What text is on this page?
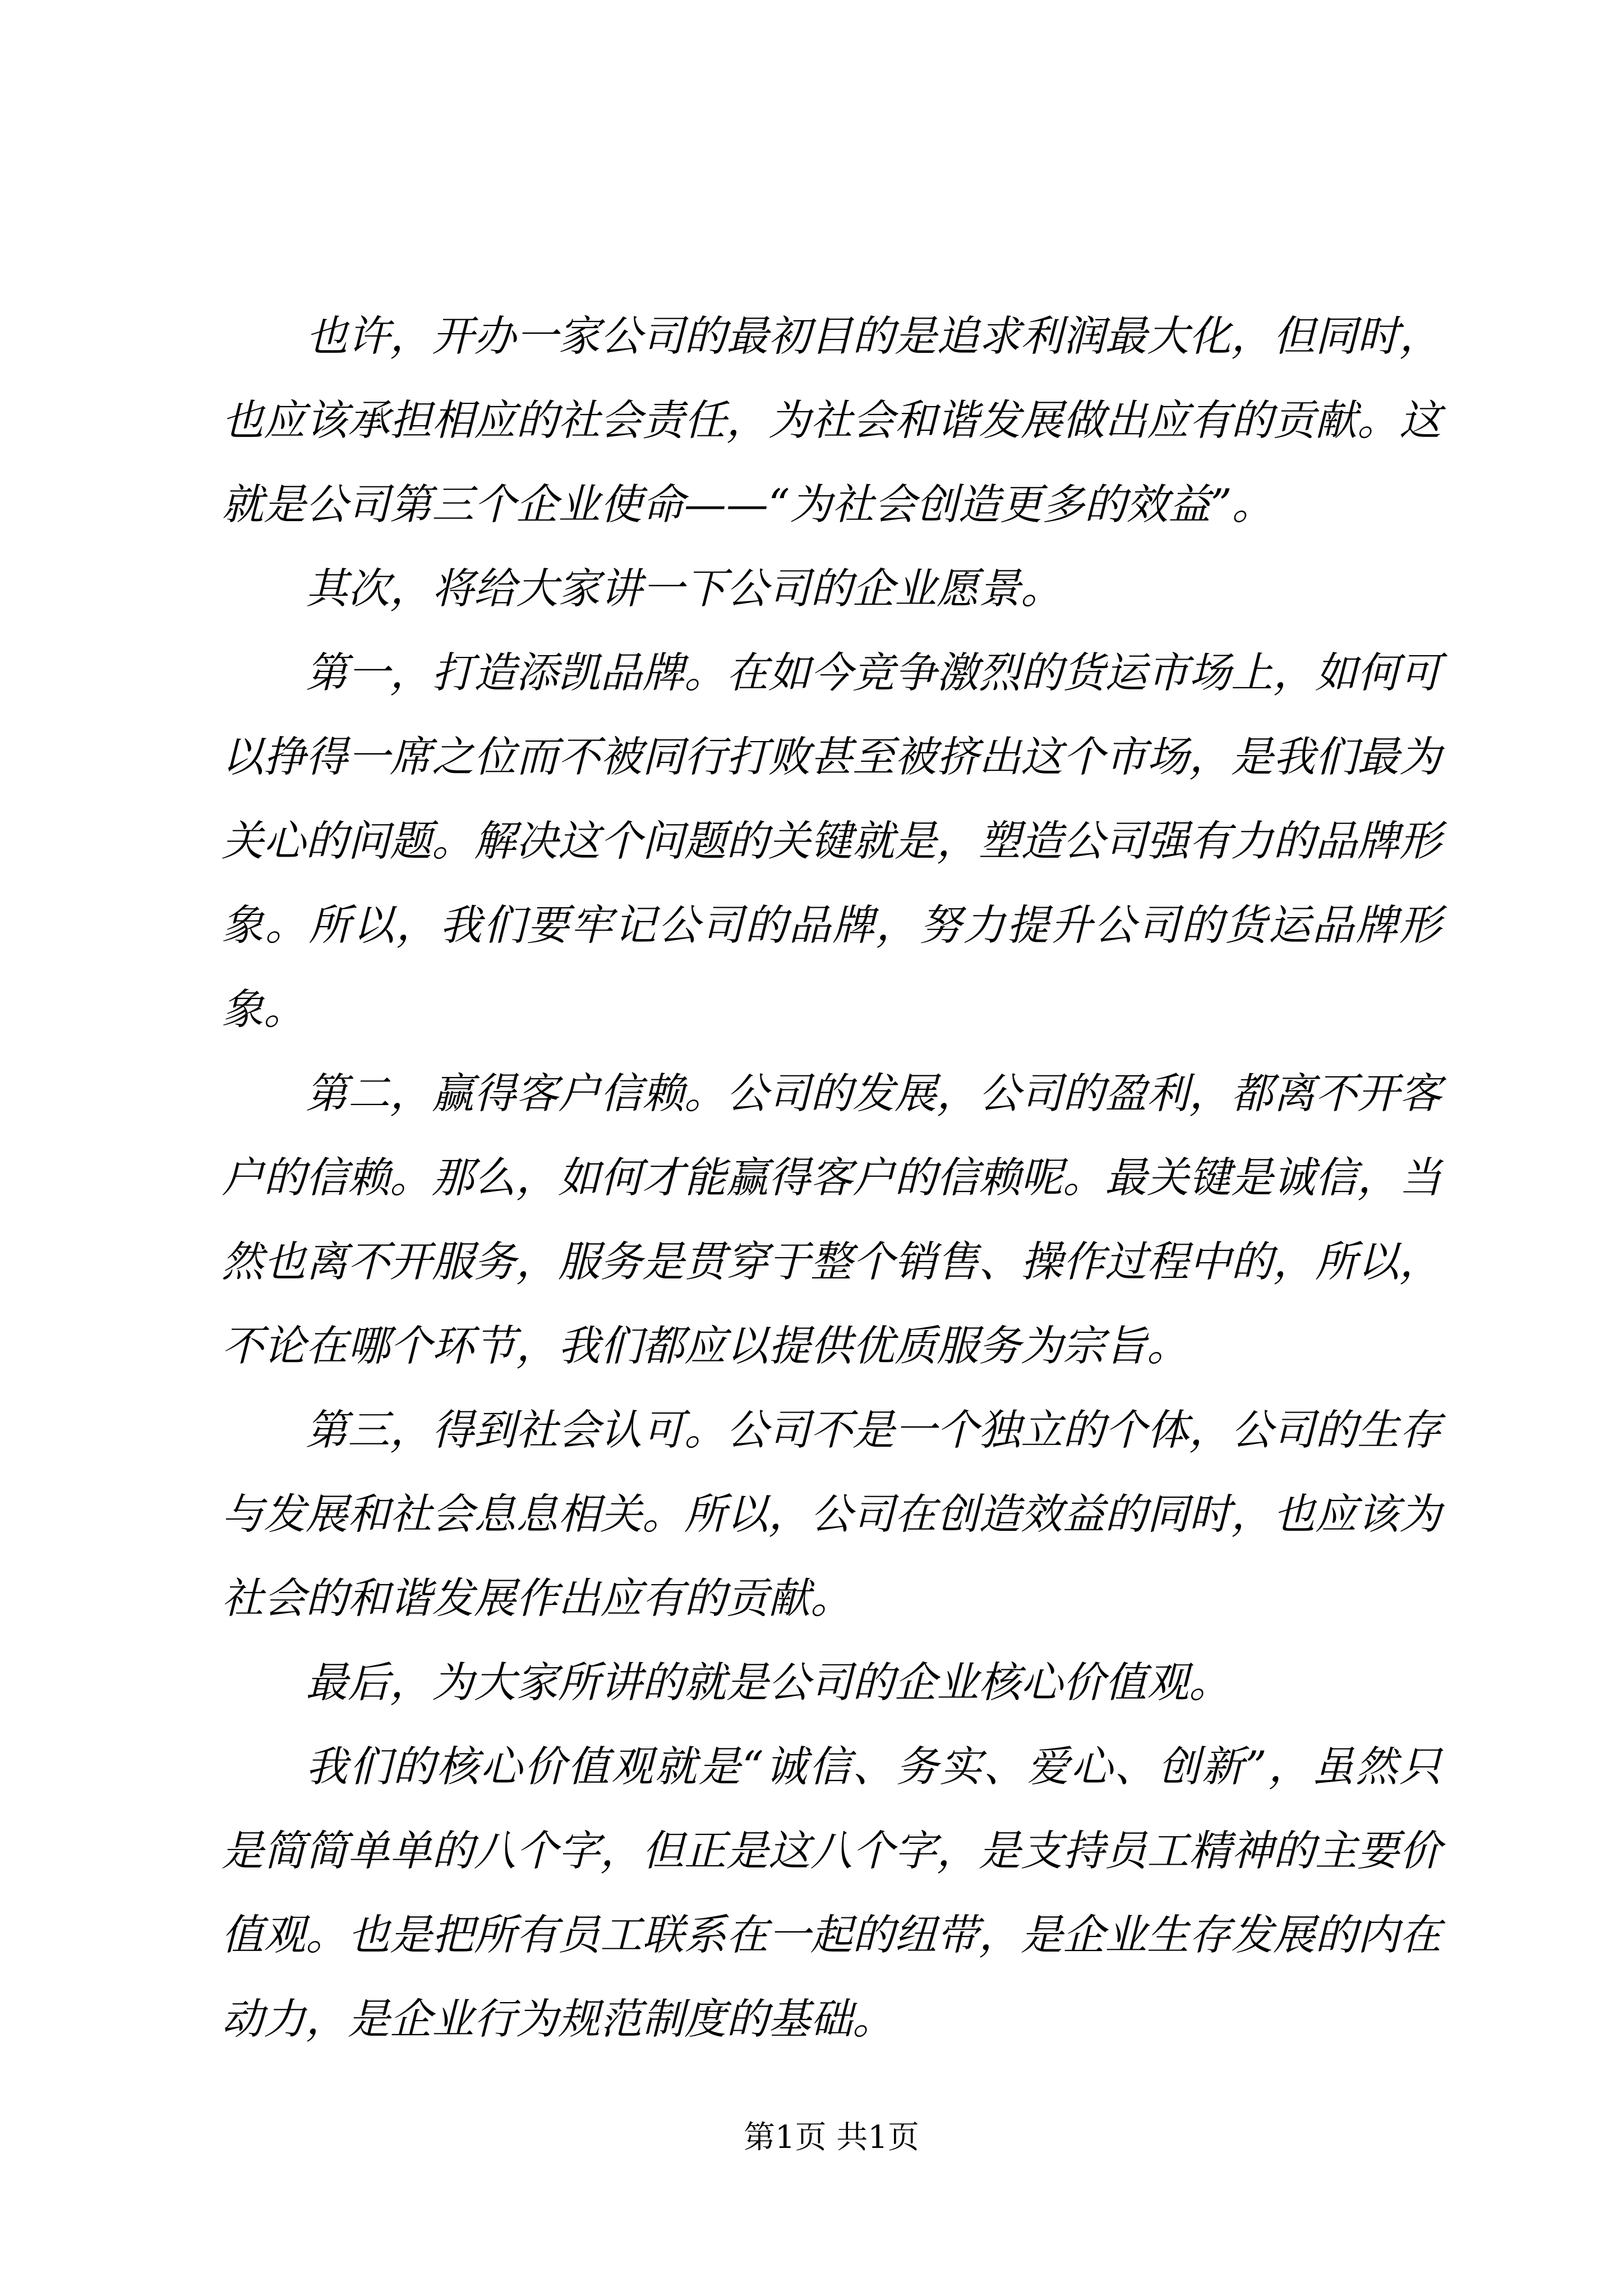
也许，开办一家公司的最初目的是追求利润最大化，但同时，也应该承担相应的社会责任，为社会和谐发展做出应有的贡献。这就是公司第三个企业使命——“为社会创造更多的效益”。

其次，将给大家讲一下公司的企业愿景。

第一，打造添凯品牌。在如今竞争激烈的货运市场上，如何可以挣得一席之位而不被同行打败甚至被挤出这个市场，是我们最为关心的问题。解决这个问题的关键就是，塑造公司强有力的品牌形象。所以，我们要牢记公司的品牌，努力提升公司的货运品牌形象。

第二，赢得客户信赖。公司的发展，公司的盈利，都离不开客户的信赖。那么，如何才能赢得客户的信赖呢。最关键是诚信，当然也离不开服务，服务是贯穿于整个销售、操作过程中的，所以，不论在哪个环节，我们都应以提供优质服务为宗旨。

第三，得到社会认可。公司不是一个独立的个体，公司的生存与发展和社会息息相关。所以，公司在创造效益的同时，也应该为社会的和谐发展作出应有的贡献。

最后，为大家所讲的就是公司的企业核心价值观。

我们的核心价值观就是“诚信、务实、爱心、创新”，虽然只是简简单单的八个字，但正是这八个字，是支持员工精神的主要价值观。也是把所有员工联系在一起的纽带，是企业生存发展的内在动力，是企业行为规范制度的基础。

第1页 共1页
